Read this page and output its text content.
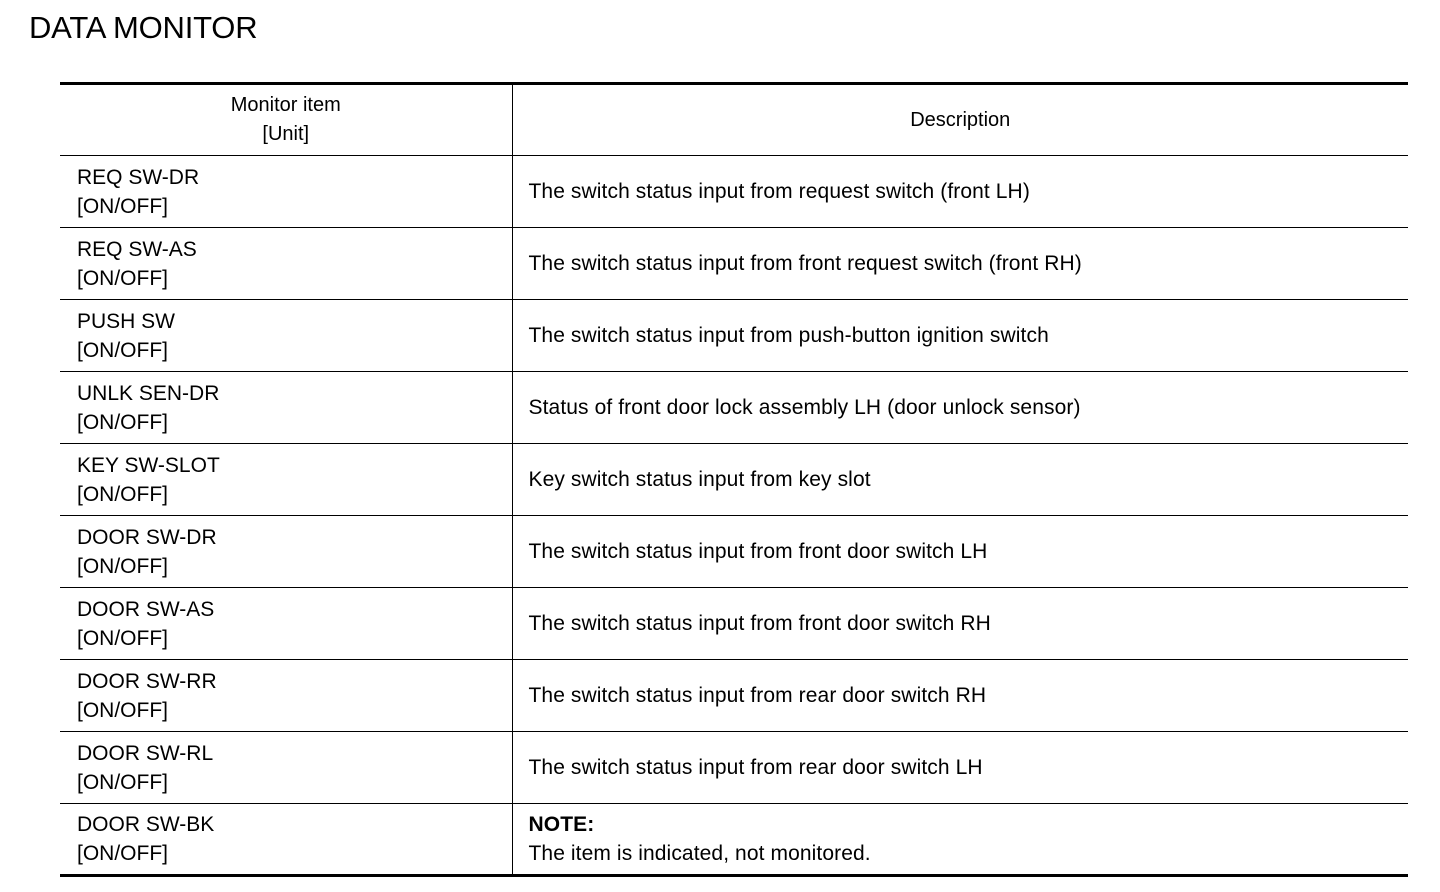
DATA MONITOR
Monitor item
[Unit]	Description

REQ SW-DR
[ON/OFF]	The switch status input from request switch (front LH)

REQ SW-AS
[ON/OFF]	The switch status input from front request switch (front RH)

PUSH SW
[ON/OFF]	The switch status input from push-button ignition switch

UNLK SEN-DR
[ON/OFF]	Status of front door lock assembly LH (door unlock sensor)

KEY SW-SLOT
[ON/OFF]	Key switch status input from key slot

DOOR SW-DR
[ON/OFF]	The switch status input from front door switch LH

DOOR SW-AS
[ON/OFF]	The switch status input from front door switch RH

DOOR SW-RR
[ON/OFF]	The switch status input from rear door switch RH

DOOR SW-RL
[ON/OFF]	The switch status input from rear door switch LH

DOOR SW-BK
[ON/OFF]	NOTE:
The item is indicated, not monitored.
